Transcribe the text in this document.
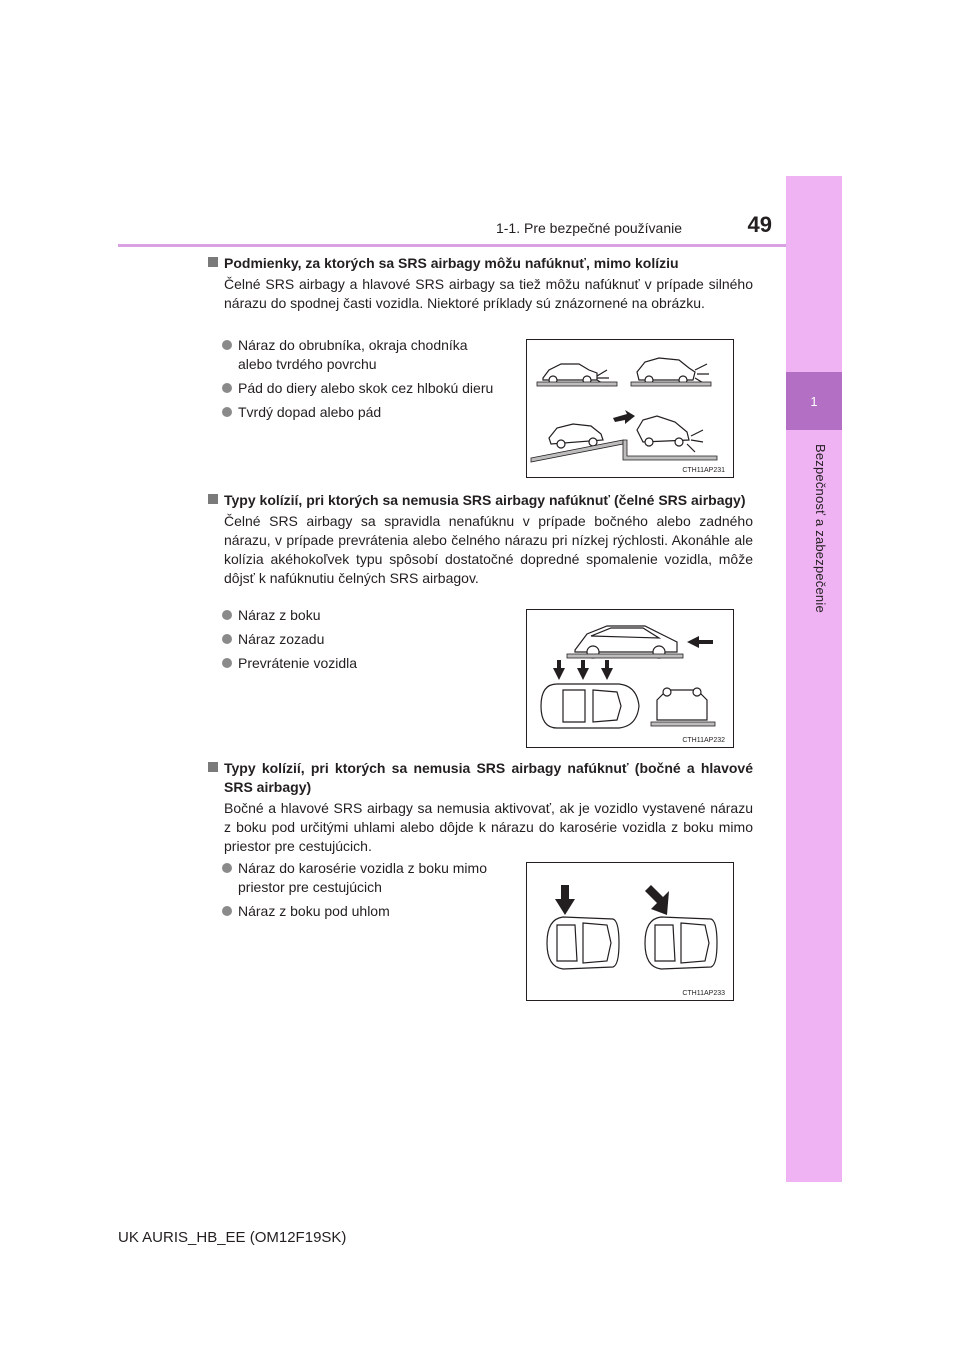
1-1. Pre bezpečné používanie	49
1
Bezpečnosť a zabezpečenie
Podmienky, za ktorých sa SRS airbagy môžu nafúknuť, mimo kolíziu
Čelné SRS airbagy a hlavové SRS airbagy sa tiež môžu nafúknuť v prípade silného nárazu do spodnej časti vozidla. Niektoré príklady sú znázornené na obrázku.
Náraz do obrubníka, okraja chodníka alebo tvrdého povrchu
Pád do diery alebo skok cez hlbokú dieru
Tvrdý dopad alebo pád
CTH11AP231
Typy kolízií, pri ktorých sa nemusia SRS airbagy nafúknuť (čelné SRS airbagy)
Čelné SRS airbagy sa spravidla nenafúknu v prípade bočného alebo zadného nárazu, v prípade prevrátenia alebo čelného nárazu pri nízkej rýchlosti. Akonáhle ale kolízia akéhokoľvek typu spôsobí dostatočné dopredné spomalenie vozidla, môže dôjsť k nafúknutiu čelných SRS airbagov.
Náraz z boku
Náraz zozadu
Prevrátenie vozidla
CTH11AP232
Typy kolízií, pri ktorých sa nemusia SRS airbagy nafúknuť (bočné a hlavové SRS airbagy)
Bočné a hlavové SRS airbagy sa nemusia aktivovať, ak je vozidlo vystavené nárazu z boku pod určitými uhlami alebo dôjde k nárazu do karosérie vozidla z boku mimo priestor pre cestujúcich.
Náraz do karosérie vozidla z boku mimo priestor pre cestujúcich
Náraz z boku pod uhlom
CTH11AP233
UK AURIS_HB_EE (OM12F19SK)
